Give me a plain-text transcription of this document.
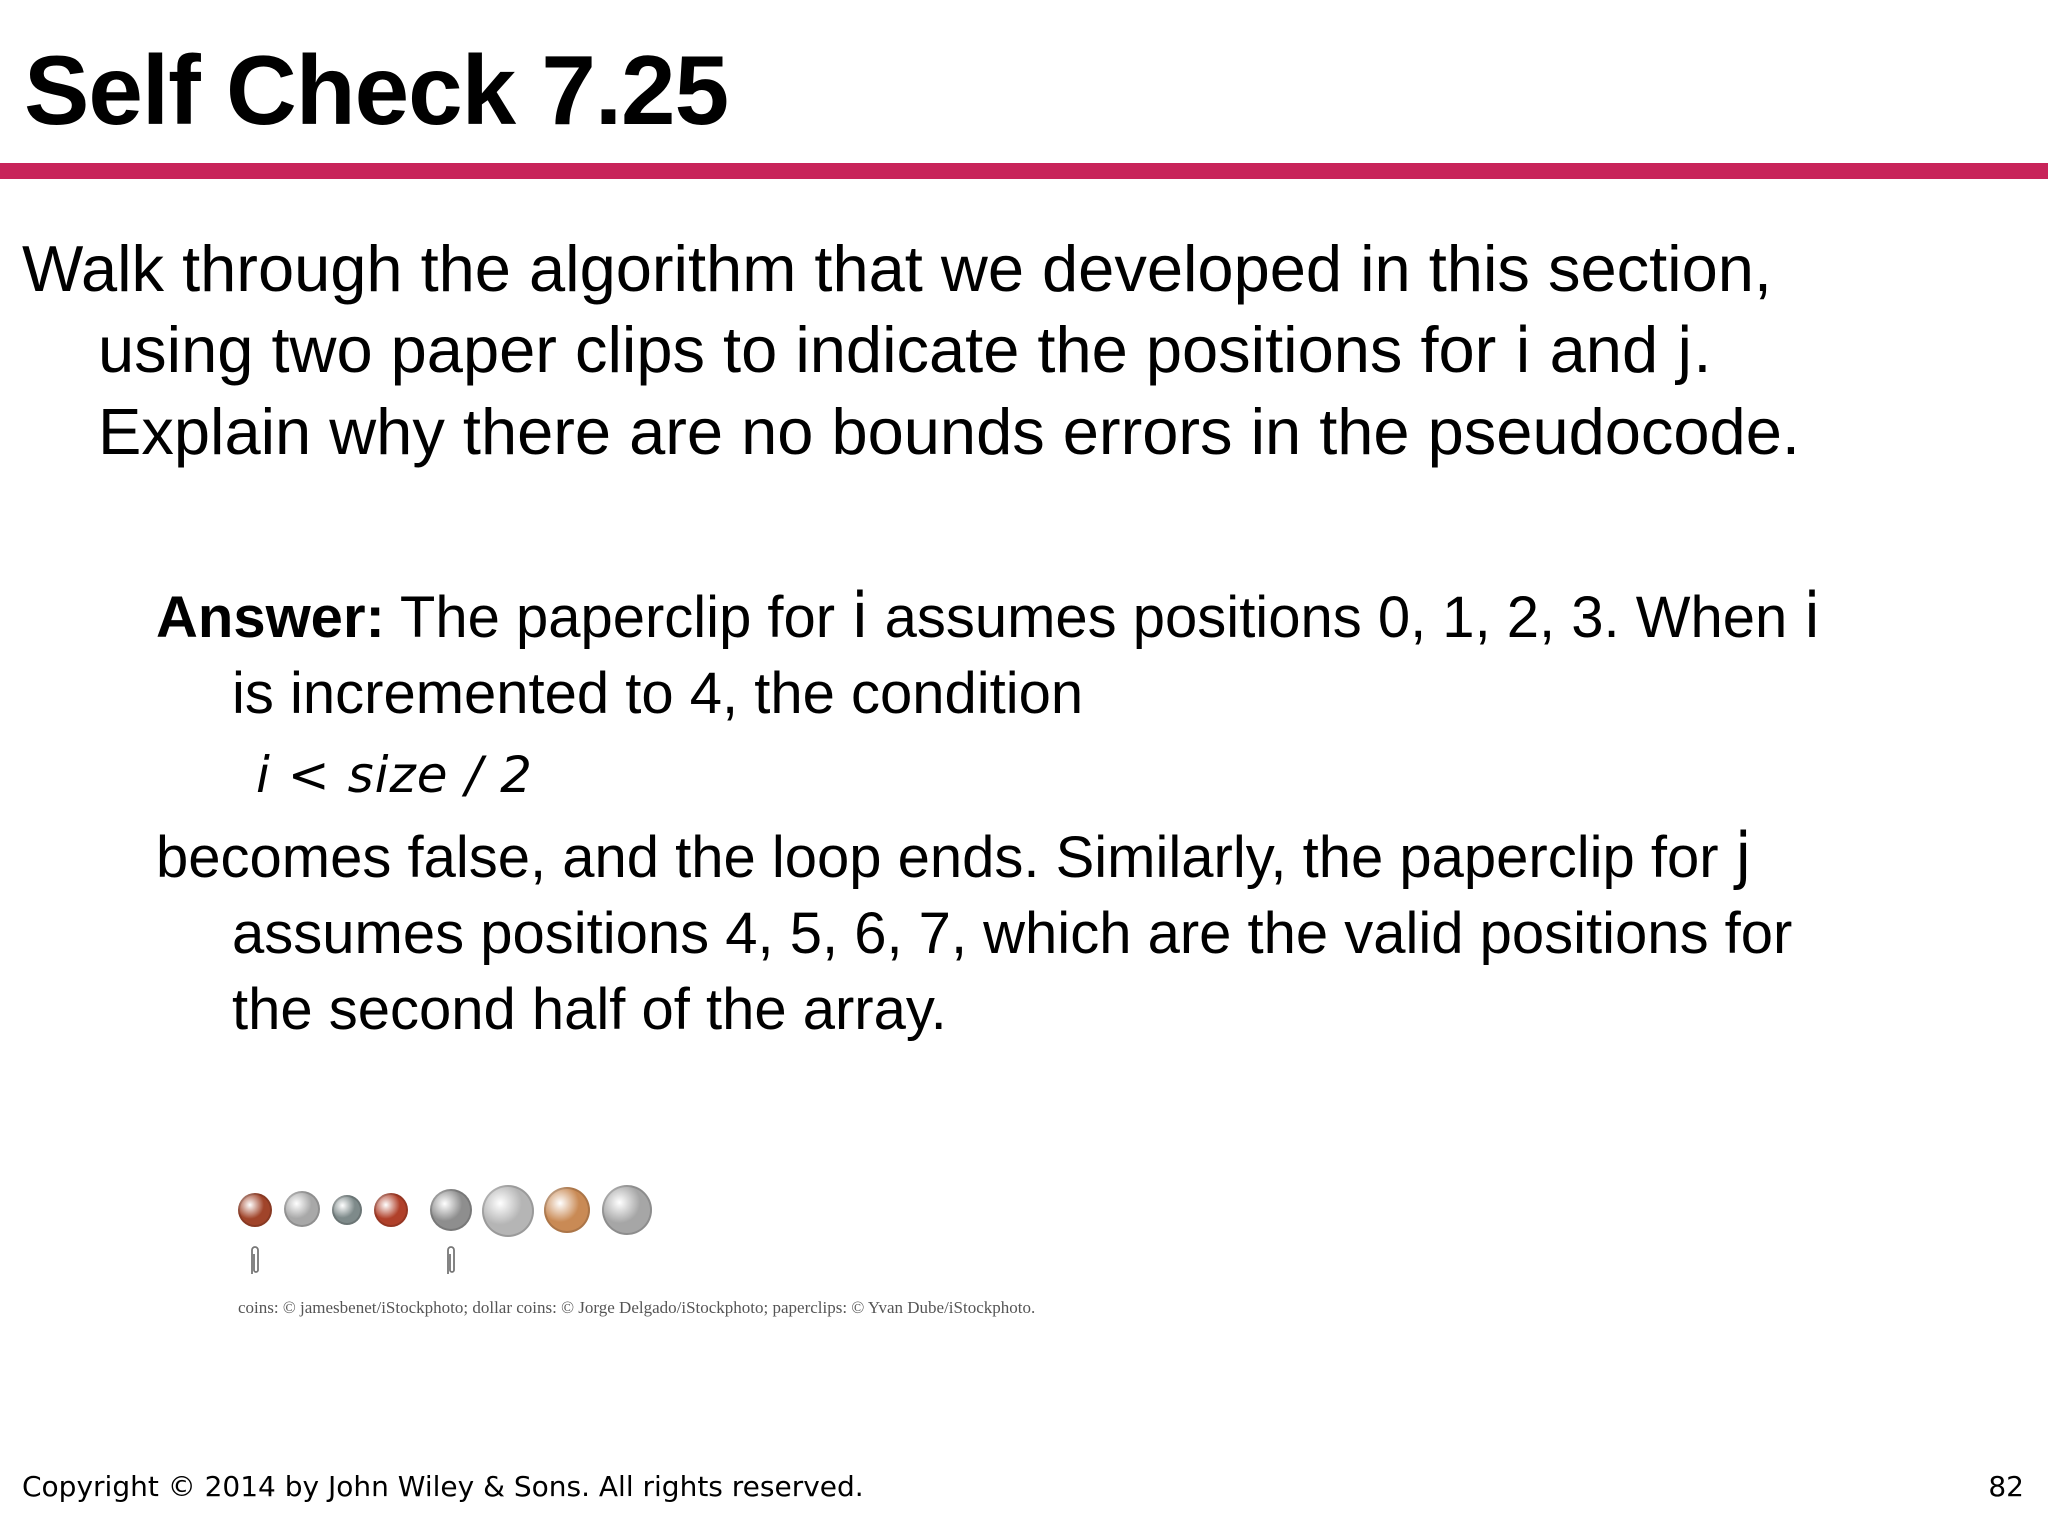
Self Check 7.25
Walk through the algorithm that we developed in this section,
using two paper clips to indicate the positions for i and j.
Explain why there are no bounds errors in the pseudocode.
Answer: The paperclip for i assumes positions 0, 1, 2, 3. When i
is incremented to 4, the condition
i < size / 2
becomes false, and the loop ends. Similarly, the paperclip for j
assumes positions 4, 5, 6, 7, which are the valid positions for
the second half of the array.
coins: © jamesbenet/iStockphoto; dollar coins: © Jorge Delgado/iStockphoto; paperclips: © Yvan Dube/iStockphoto.
Copyright © 2014 by John Wiley & Sons. All rights reserved.	82
